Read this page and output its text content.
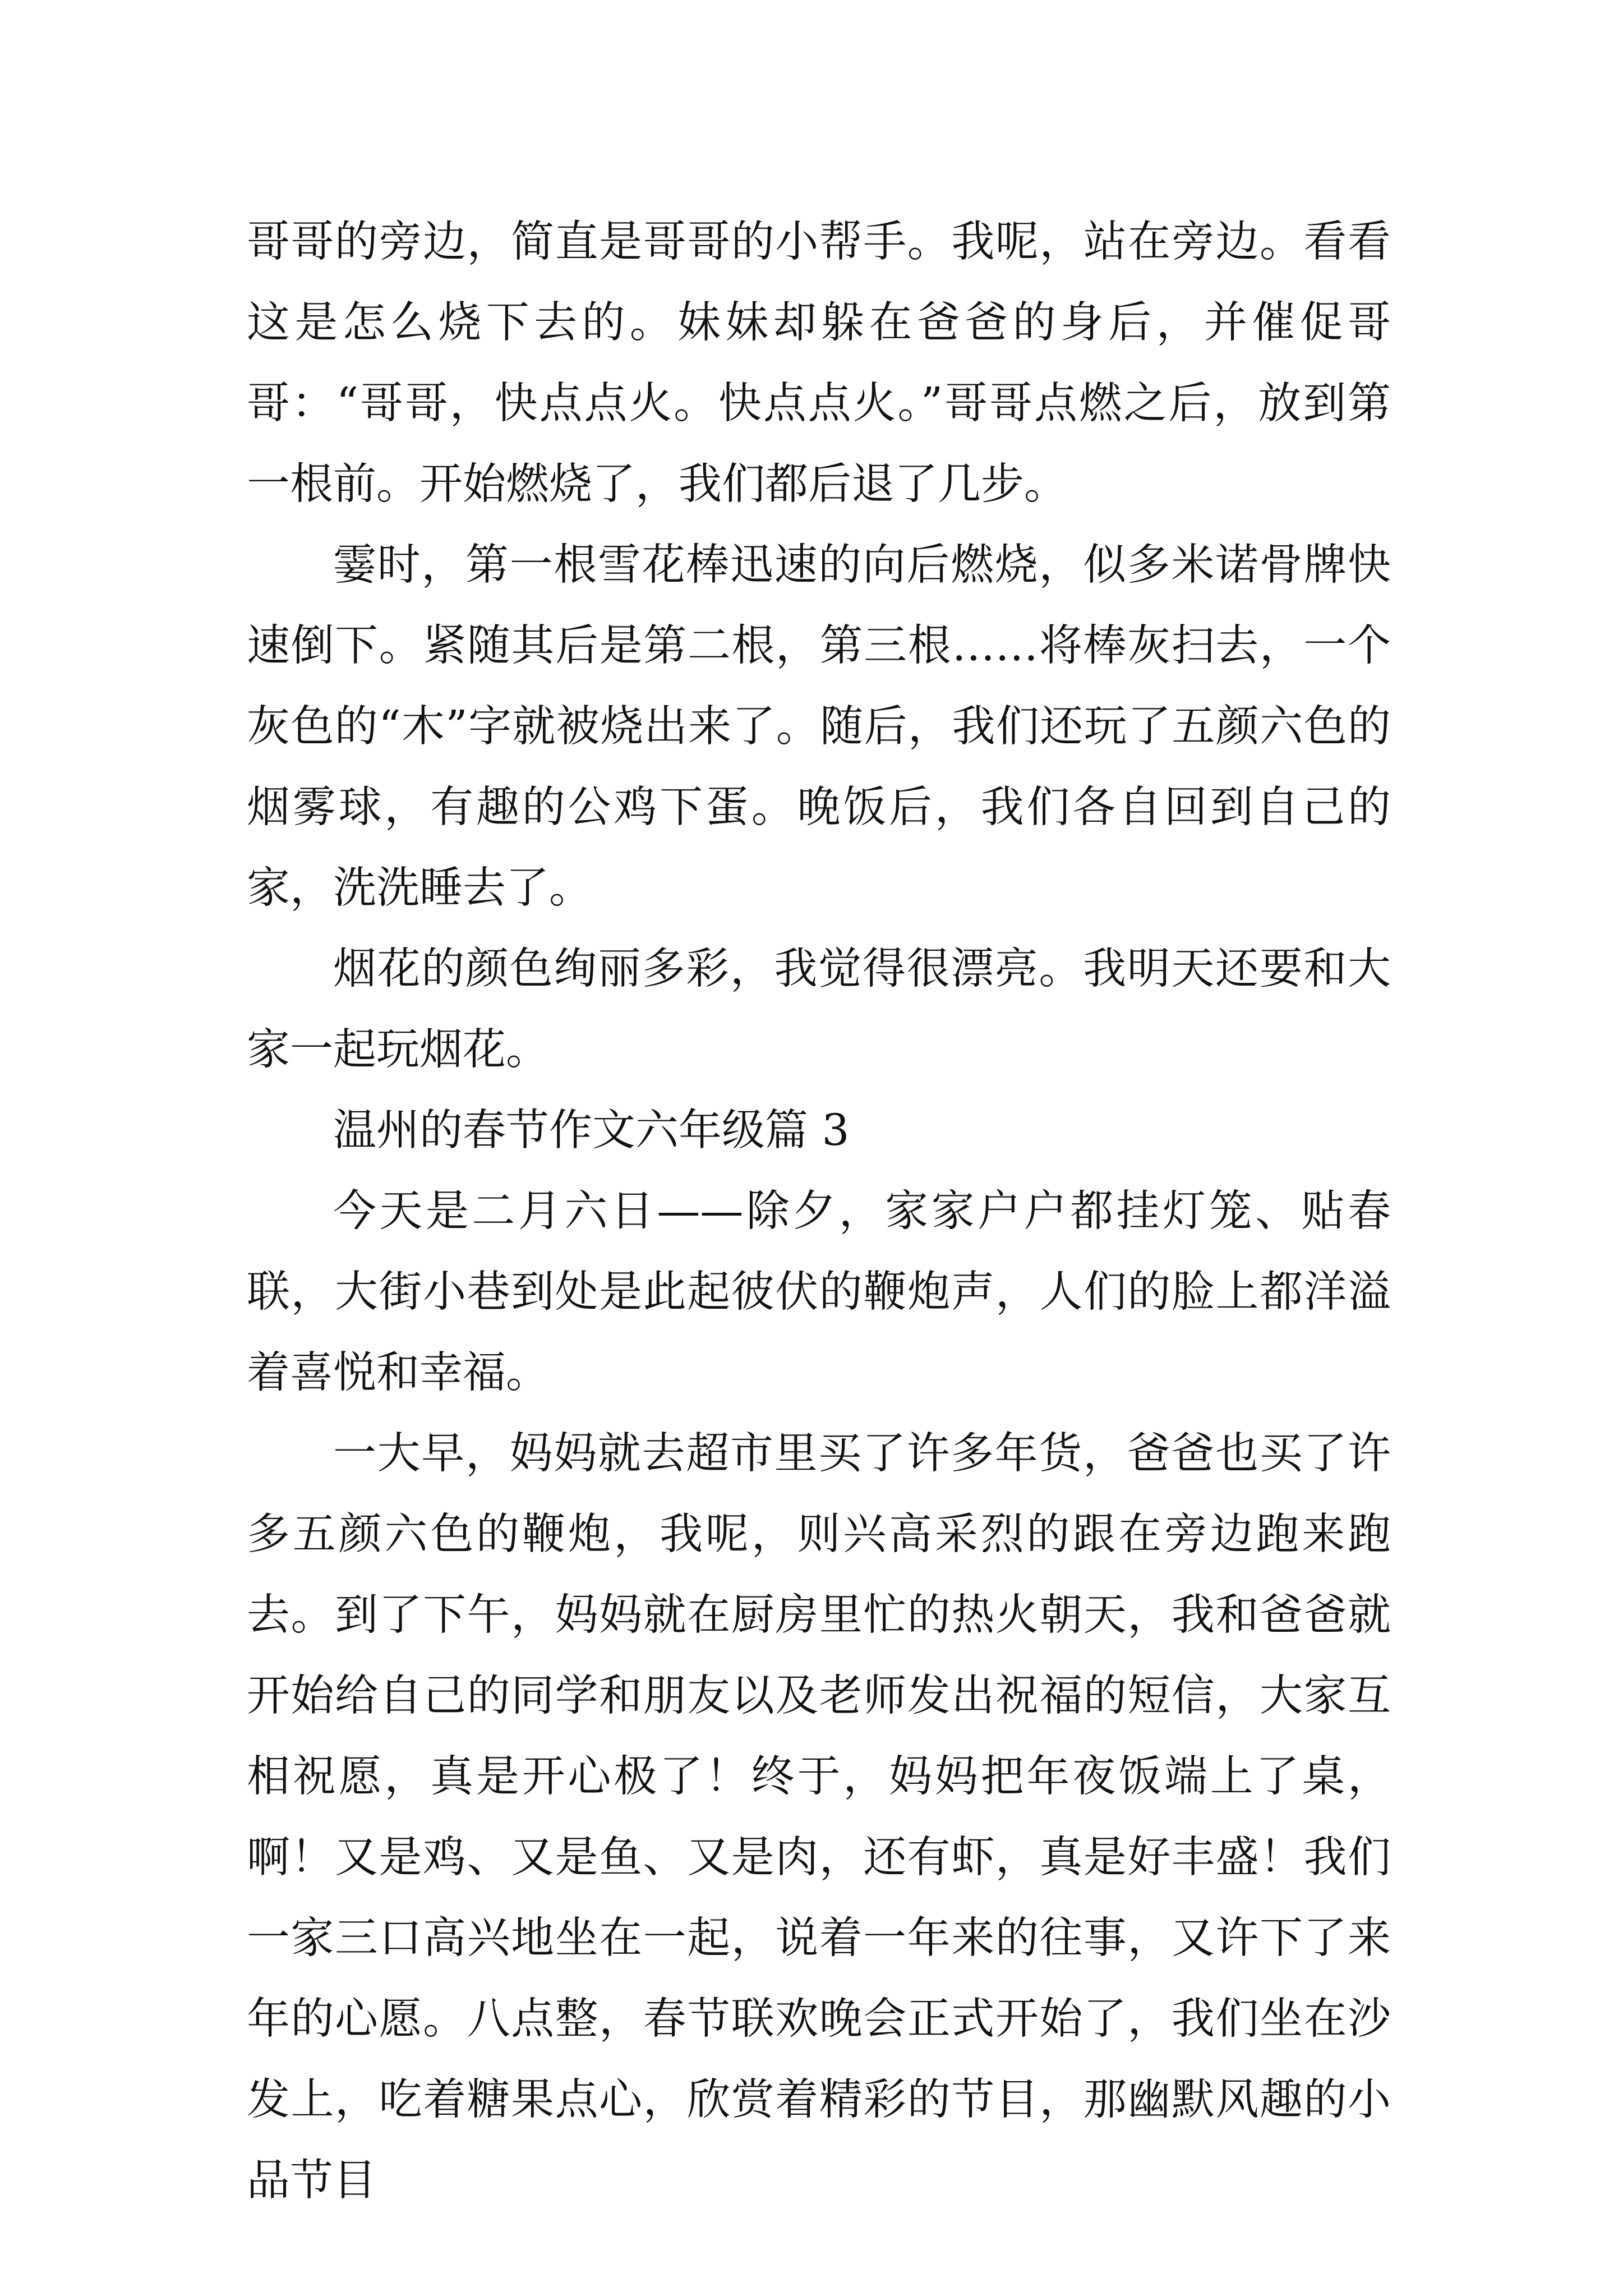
哥哥的旁边，简直是哥哥的小帮手。我呢，站在旁边。看看这是怎么烧下去的。妹妹却躲在爸爸的身后，并催促哥哥：“哥哥，快点点火。快点点火。”哥哥点燃之后，放到第一根前。开始燃烧了，我们都后退了几步。

霎时，第一根雪花棒迅速的向后燃烧，似多米诺骨牌快速倒下。紧随其后是第二根，第三根……将棒灰扫去，一个灰色的“木”字就被烧出来了。随后，我们还玩了五颜六色的烟雾球，有趣的公鸡下蛋。晚饭后，我们各自回到自己的家，洗洗睡去了。

烟花的颜色绚丽多彩，我觉得很漂亮。我明天还要和大家一起玩烟花。

温州的春节作文六年级篇 3

今天是二月六日——除夕，家家户户都挂灯笼、贴春联，大街小巷到处是此起彼伏的鞭炮声，人们的脸上都洋溢着喜悦和幸福。

一大早，妈妈就去超市里买了许多年货，爸爸也买了许多五颜六色的鞭炮，我呢，则兴高采烈的跟在旁边跑来跑去。到了下午，妈妈就在厨房里忙的热火朝天，我和爸爸就开始给自己的同学和朋友以及老师发出祝福的短信，大家互相祝愿，真是开心极了！终于，妈妈把年夜饭端上了桌，啊！又是鸡、又是鱼、又是肉，还有虾，真是好丰盛！我们一家三口高兴地坐在一起，说着一年来的往事，又许下了来年的心愿。八点整，春节联欢晚会正式开始了，我们坐在沙发上，吃着糖果点心，欣赏着精彩的节目，那幽默风趣的小品节目
